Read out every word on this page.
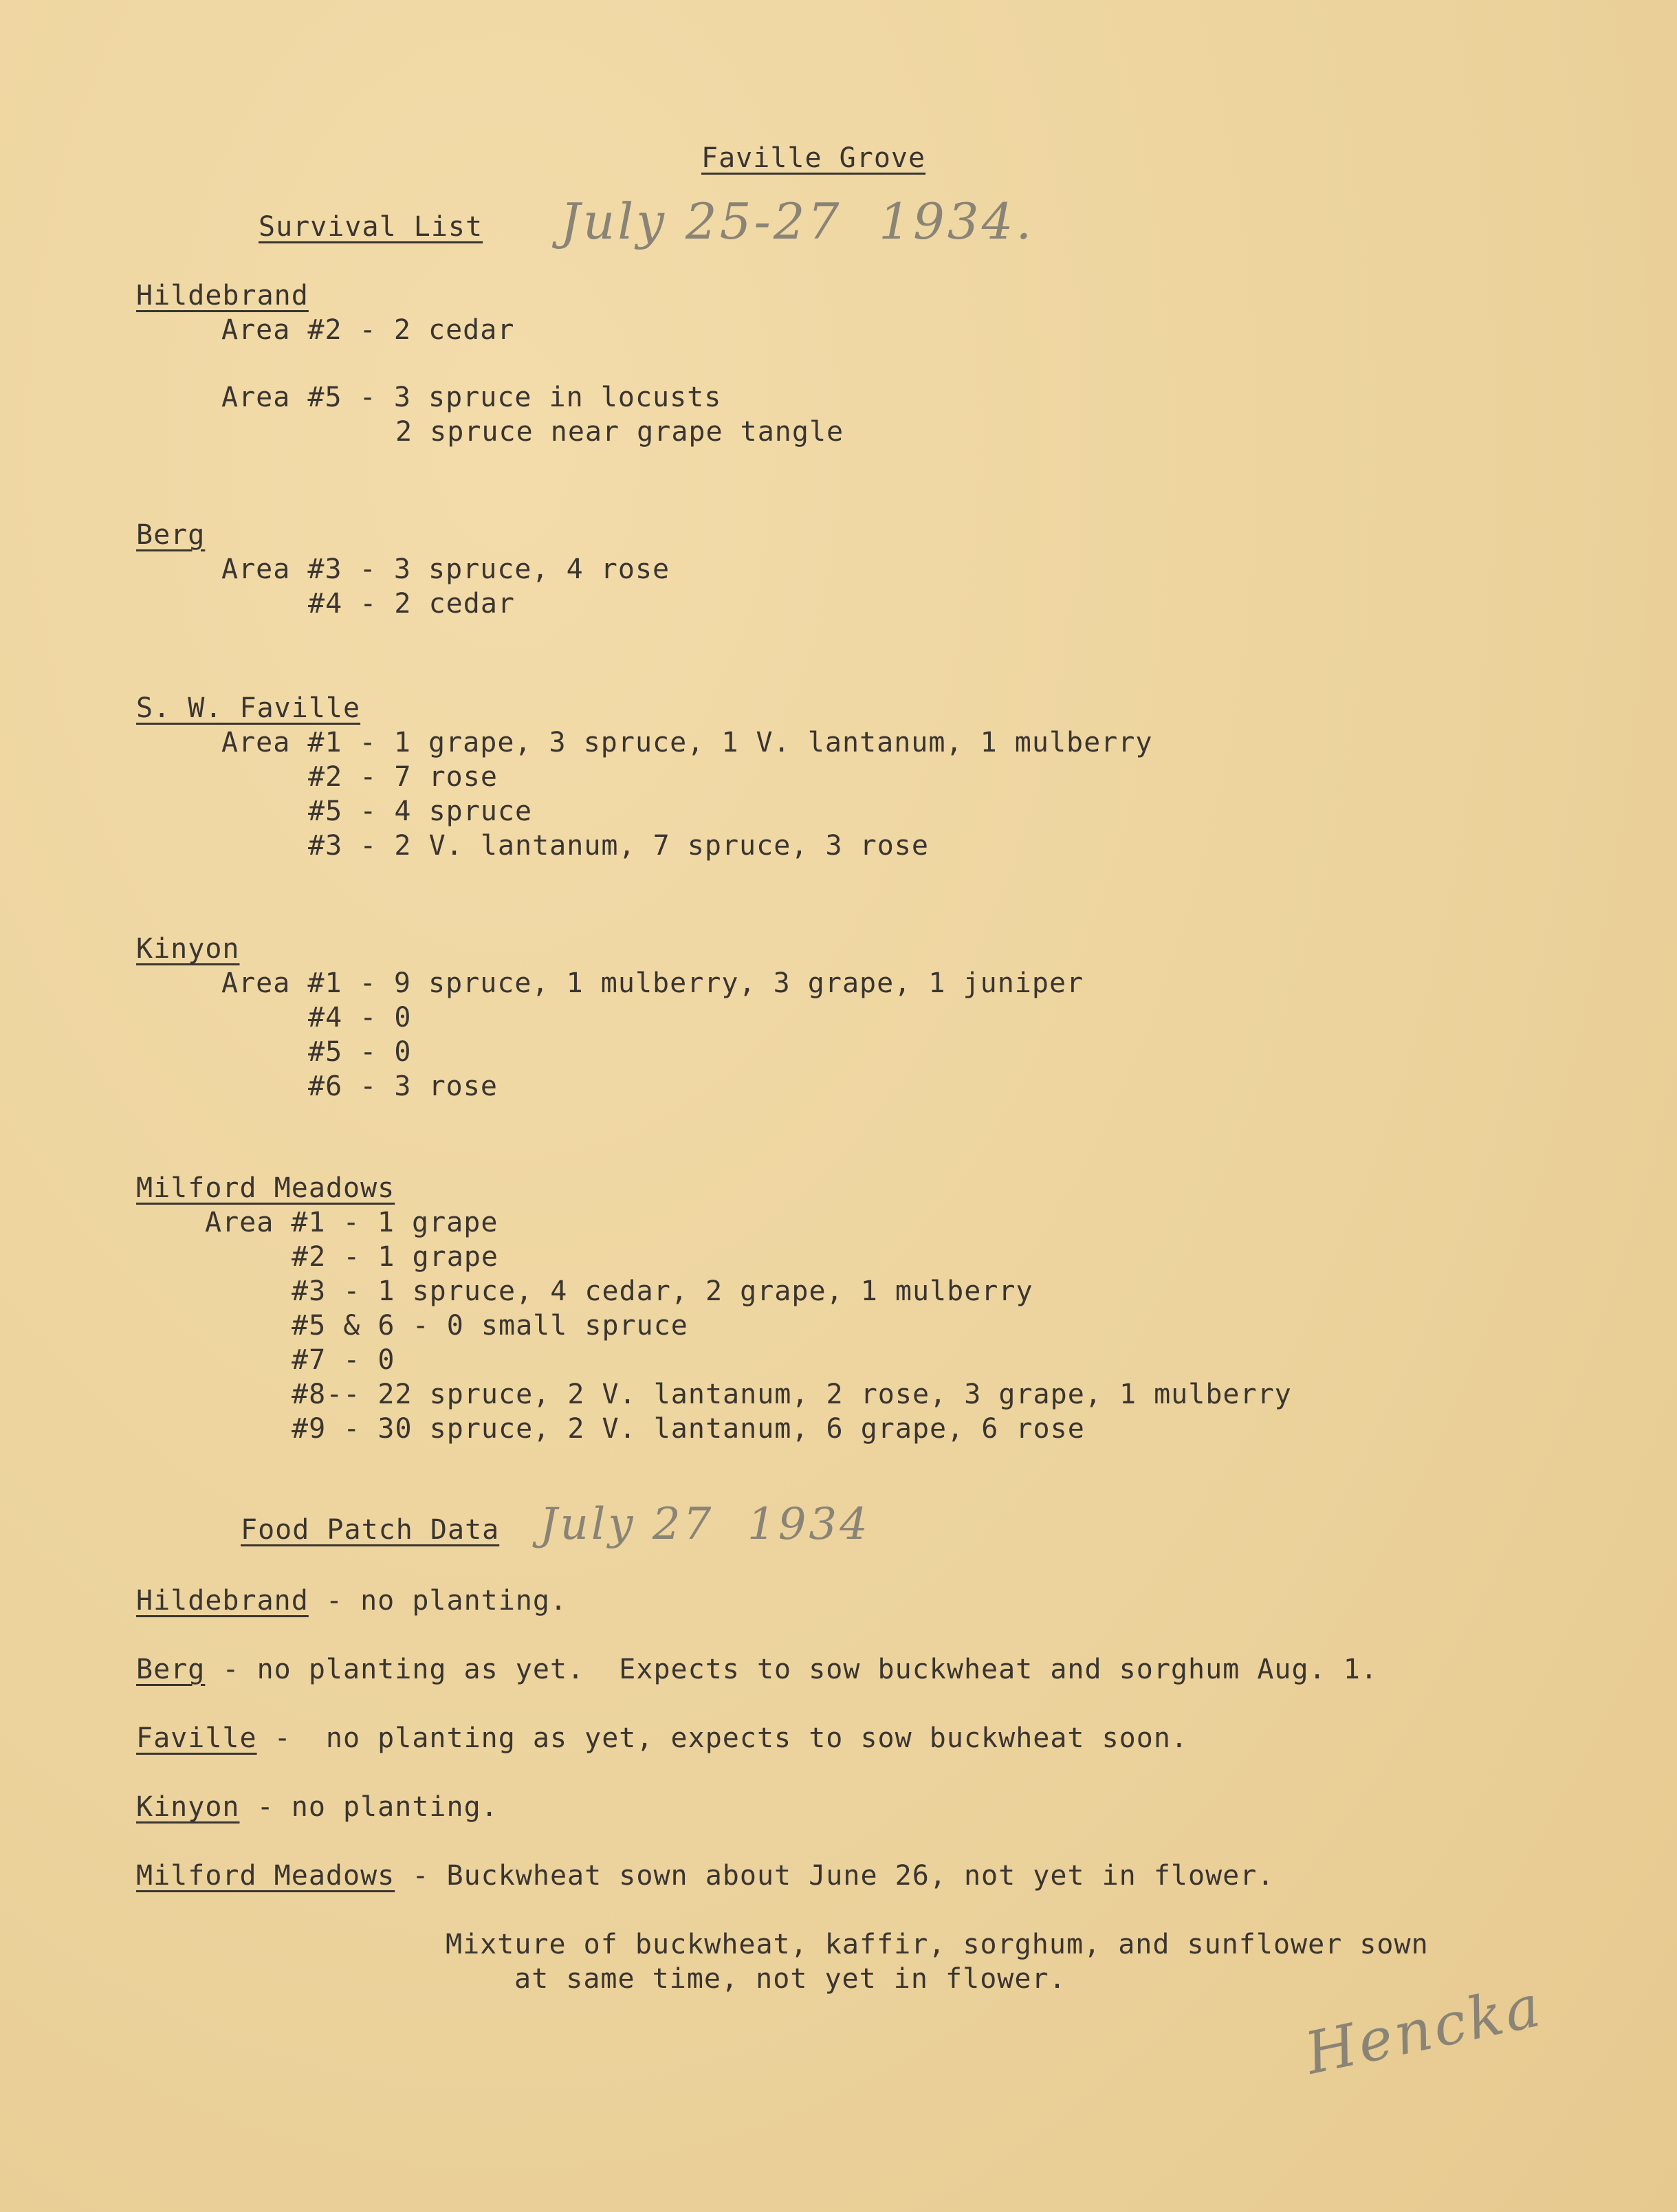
Faville Grove
Survival List July 25-27  1934.
Hildebrand
Area #2 - 2 cedar
Area #5 - 3 spruce in locusts
2 spruce near grape tangle
Berg
Area #3 - 3 spruce, 4 rose
#4 - 2 cedar
S. W. Faville
Area #1 - 1 grape, 3 spruce, 1 V. lantanum, 1 mulberry
#2 - 7 rose
#5 - 4 spruce
#3 - 2 V. lantanum, 7 spruce, 3 rose
Kinyon
Area #1 - 9 spruce, 1 mulberry, 3 grape, 1 juniper
#4 - 0
#5 - 0
#6 - 3 rose
Milford Meadows
Area #1 - 1 grape
#2 - 1 grape
#3 - 1 spruce, 4 cedar, 2 grape, 1 mulberry
#5 & 6 - 0 small spruce
#7 - 0
#8-- 22 spruce, 2 V. lantanum, 2 rose, 3 grape, 1 mulberry
#9 - 30 spruce, 2 V. lantanum, 6 grape, 6 rose
Food Patch Data July 27  1934
Hildebrand - no planting.
Berg - no planting as yet.  Expects to sow buckwheat and sorghum Aug. 1.
Faville -  no planting as yet, expects to sow buckwheat soon.
Kinyon - no planting.
Milford Meadows - Buckwheat sown about June 26, not yet in flower.
Mixture of buckwheat, kaffir, sorghum, and sunflower sown
at same time, not yet in flower.	Hencka
